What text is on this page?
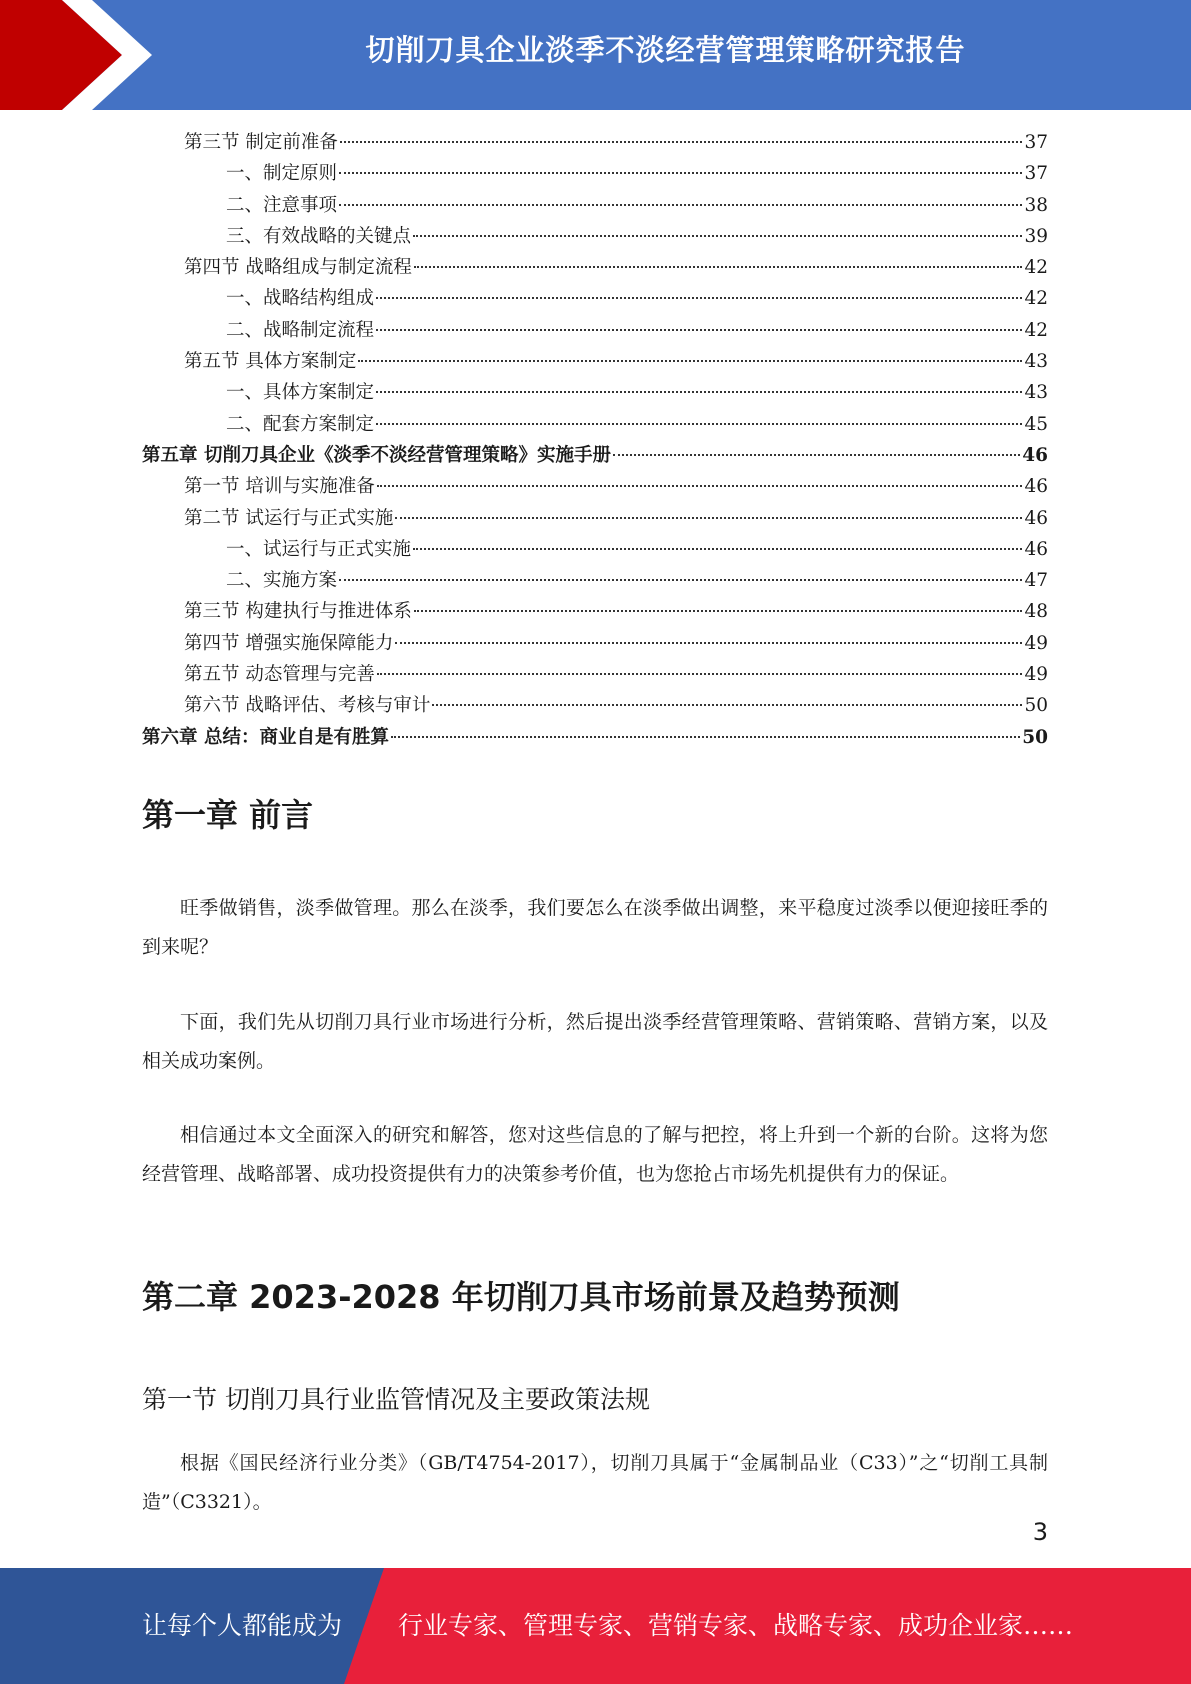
切削刀具企业淡季不淡经营管理策略研究报告
第三节 制定前准备	37
一、制定原则	37
二、注意事项	38
三、有效战略的关键点	39
第四节 战略组成与制定流程	42
一、战略结构组成	42
二、战略制定流程	42
第五节 具体方案制定	43
一、具体方案制定	43
二、配套方案制定	45
第五章 切削刀具企业《淡季不淡经营管理策略》实施手册	46
第一节 培训与实施准备	46
第二节 试运行与正式实施	46
一、试运行与正式实施	46
二、实施方案	47
第三节 构建执行与推进体系	48
第四节 增强实施保障能力	49
第五节 动态管理与完善	49
第六节 战略评估、考核与审计	50
第六章 总结：商业自是有胜算	50
第一章 前言

旺季做销售，淡季做管理。那么在淡季，我们要怎么在淡季做出调整，来平稳度过淡季以便迎接旺季的到来呢？

下面，我们先从切削刀具行业市场进行分析，然后提出淡季经营管理策略、营销策略、营销方案，以及相关成功案例。

相信通过本文全面深入的研究和解答，您对这些信息的了解与把控，将上升到一个新的台阶。这将为您经营管理、战略部署、成功投资提供有力的决策参考价值，也为您抢占市场先机提供有力的保证。

第二章 2023-2028 年切削刀具市场前景及趋势预测
第一节 切削刀具行业监管情况及主要政策法规

根据《国民经济行业分类》（GB/T4754-2017），切削刀具属于“金属制品业（C33）”之“切削工具制造”（C3321）。

3
让每个人都能成为 行业专家、管理专家、营销专家、战略专家、成功企业家……
